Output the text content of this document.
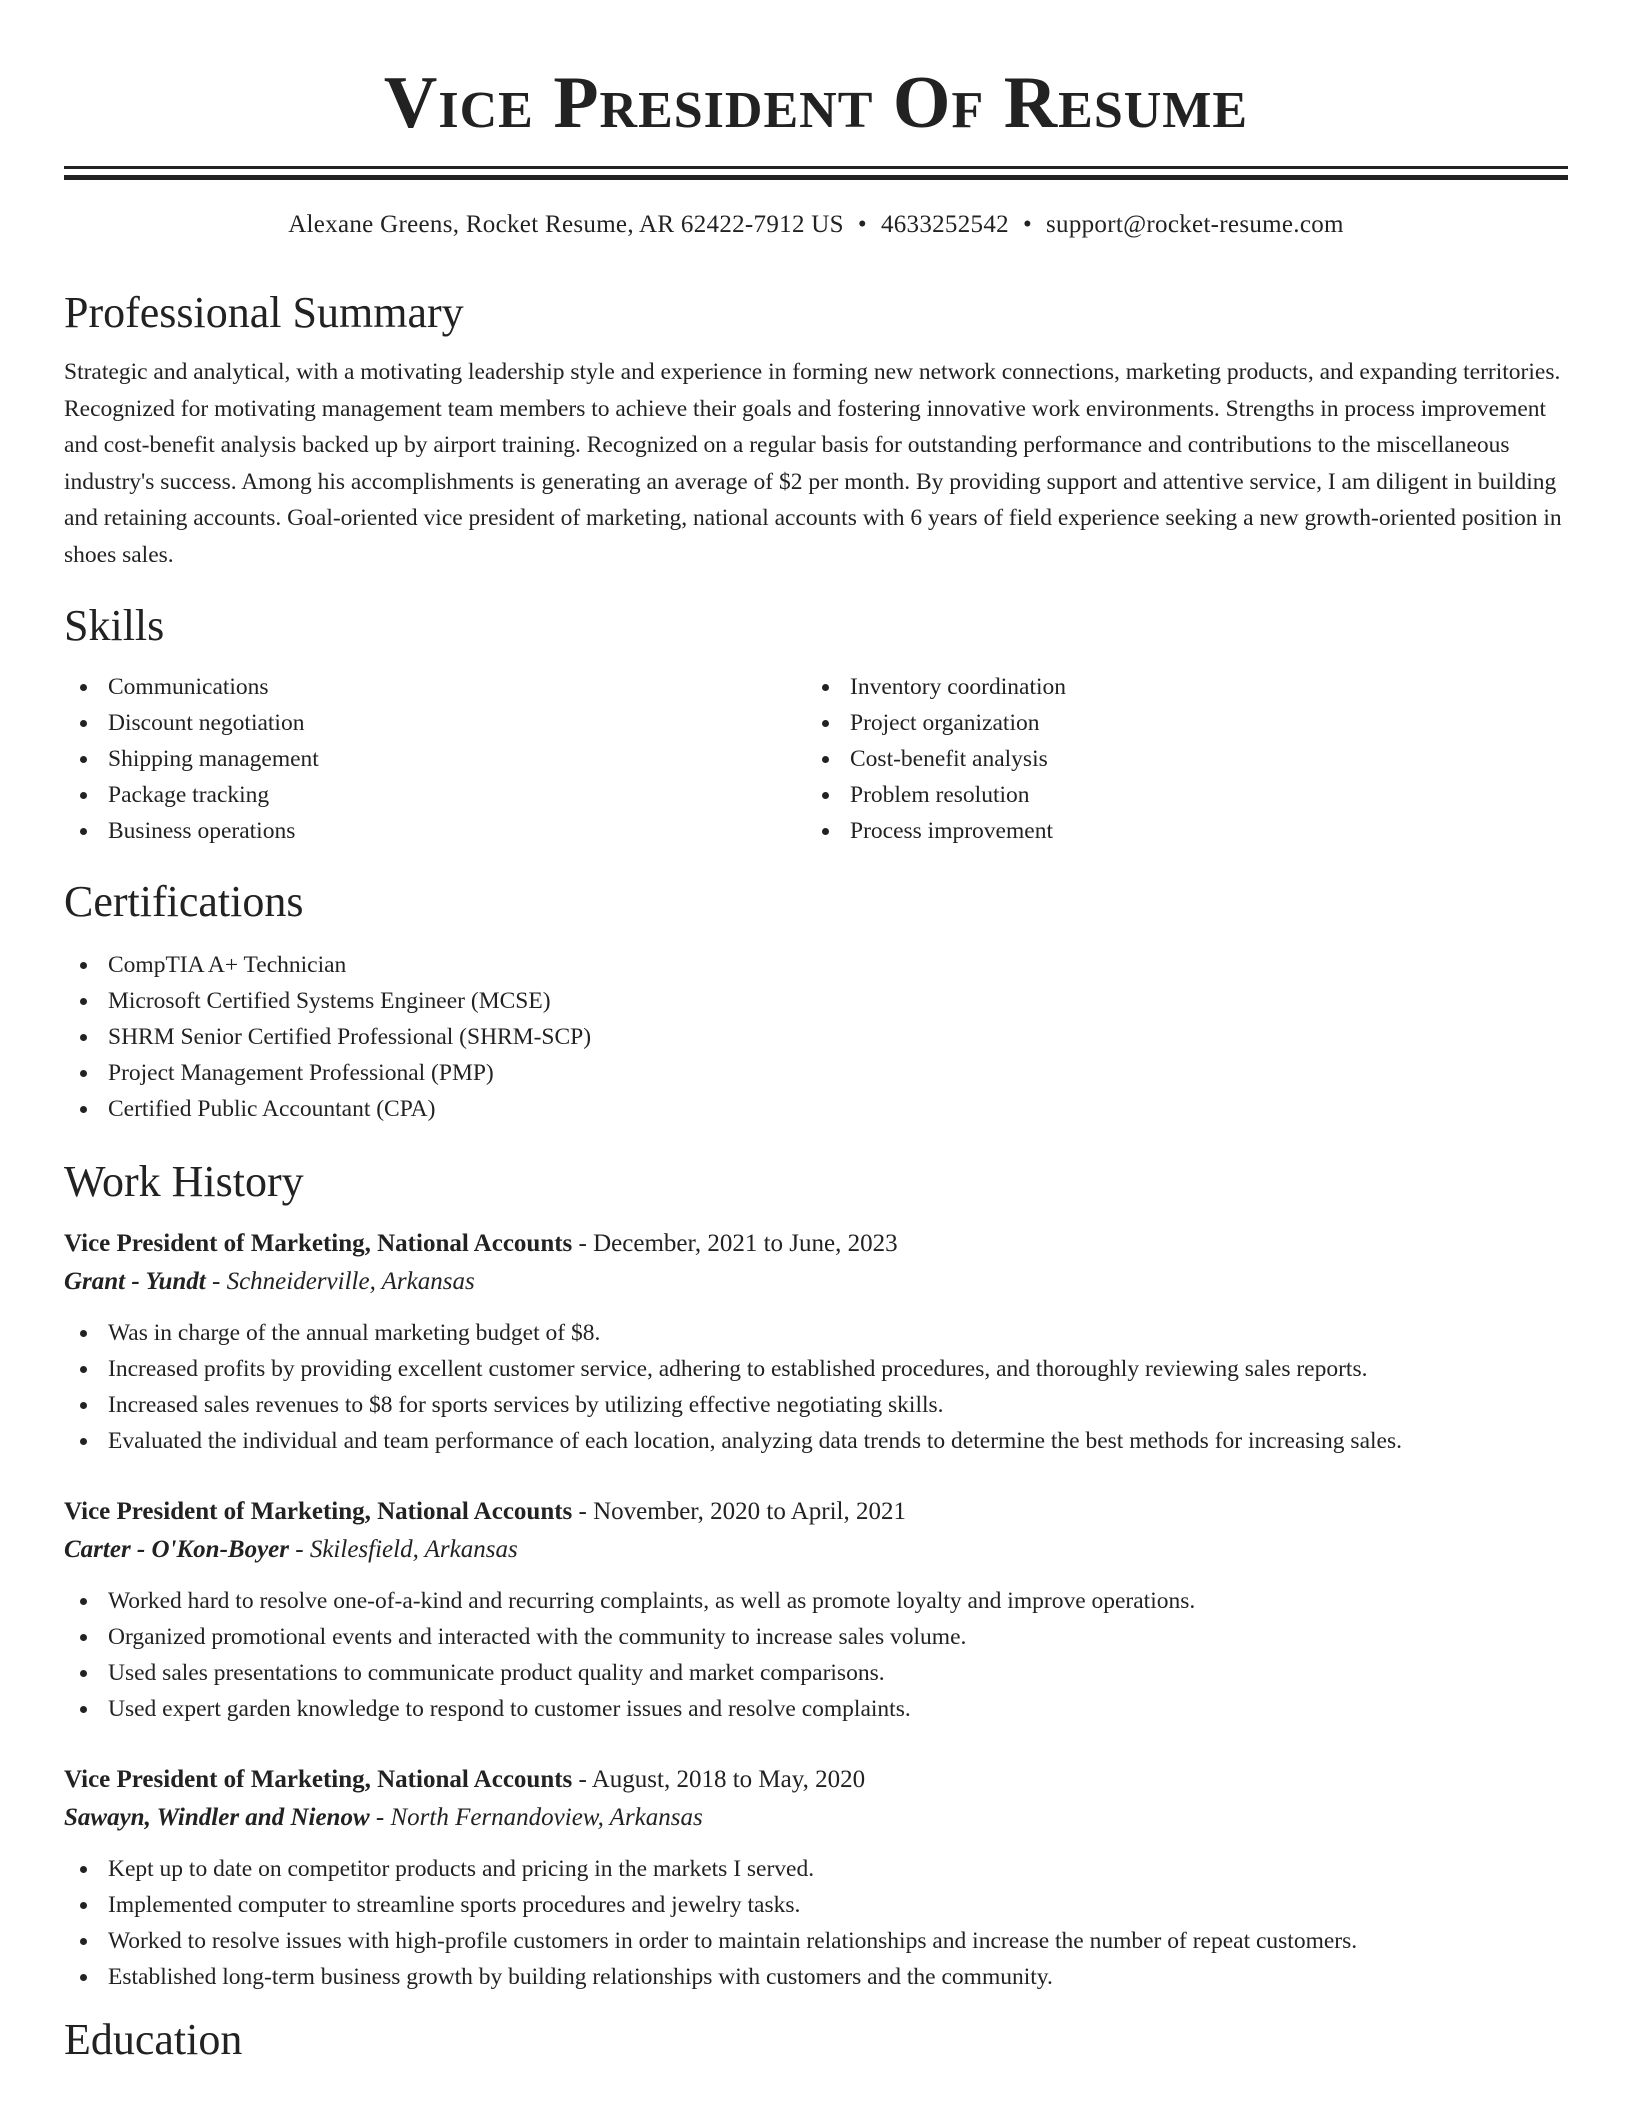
Vice President Of Resume
Alexane Greens, Rocket Resume, AR 62422-7912 US • 4633252542 • support@rocket-resume.com
Professional Summary

Strategic and analytical, with a motivating leadership style and experience in forming new network connections, marketing products, and expanding territories. Recognized for motivating management team members to achieve their goals and fostering innovative work environments. Strengths in process improvement and cost-benefit analysis backed up by airport training. Recognized on a regular basis for outstanding performance and contributions to the miscellaneous industry's success. Among his accomplishments is generating an average of $2 per month. By providing support and attentive service, I am diligent in building and retaining accounts. Goal-oriented vice president of marketing, national accounts with 6 years of field experience seeking a new growth-oriented position in shoes sales.

Skills
Communications
Discount negotiation
Shipping management
Package tracking
Business operations
Inventory coordination
Project organization
Cost-benefit analysis
Problem resolution
Process improvement
Certifications
CompTIA A+ Technician
Microsoft Certified Systems Engineer (MCSE)
SHRM Senior Certified Professional (SHRM-SCP)
Project Management Professional (PMP)
Certified Public Accountant (CPA)
Work History
Vice President of Marketing, National Accounts - December, 2021 to June, 2023
Grant - Yundt - Schneiderville, Arkansas
Was in charge of the annual marketing budget of $8.
Increased profits by providing excellent customer service, adhering to established procedures, and thoroughly reviewing sales reports.
Increased sales revenues to $8 for sports services by utilizing effective negotiating skills.
Evaluated the individual and team performance of each location, analyzing data trends to determine the best methods for increasing sales.
Vice President of Marketing, National Accounts - November, 2020 to April, 2021
Carter - O'Kon-Boyer - Skilesfield, Arkansas
Worked hard to resolve one-of-a-kind and recurring complaints, as well as promote loyalty and improve operations.
Organized promotional events and interacted with the community to increase sales volume.
Used sales presentations to communicate product quality and market comparisons.
Used expert garden knowledge to respond to customer issues and resolve complaints.
Vice President of Marketing, National Accounts - August, 2018 to May, 2020
Sawayn, Windler and Nienow - North Fernandoview, Arkansas
Kept up to date on competitor products and pricing in the markets I served.
Implemented computer to streamline sports procedures and jewelry tasks.
Worked to resolve issues with high-profile customers in order to maintain relationships and increase the number of repeat customers.
Established long-term business growth by building relationships with customers and the community.
Education
